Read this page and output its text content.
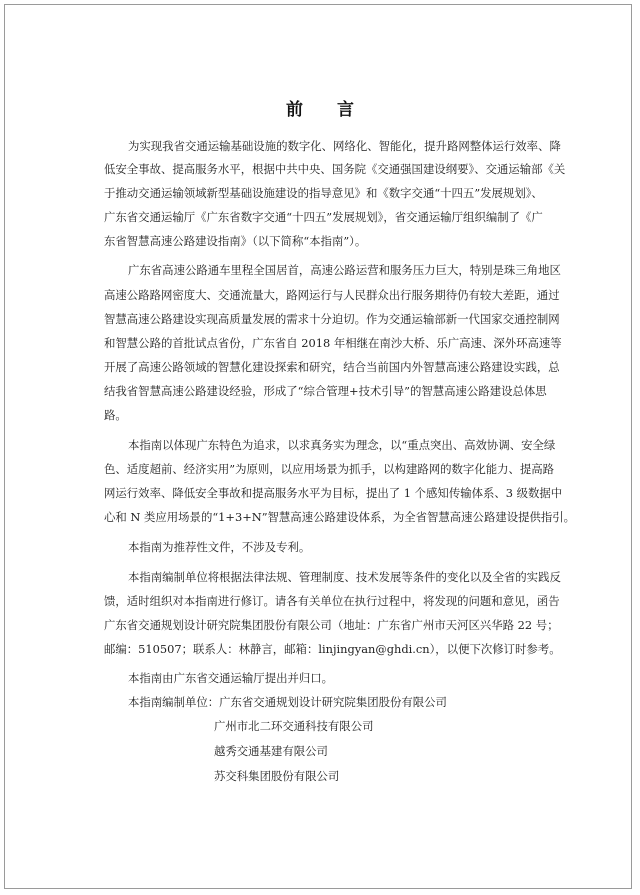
前 言
为实现我省交通运输基础设施的数字化、网络化、智能化，提升路网整体运行效率、降
低安全事故、提高服务水平，根据中共中央、国务院《交通强国建设纲要》、交通运输部《关
于推动交通运输领域新型基础设施建设的指导意见》和《数字交通“十四五”发展规划》、
广东省交通运输厅《广东省数字交通“十四五”发展规划》，省交通运输厅组织编制了《广
东省智慧高速公路建设指南》（以下简称“本指南”）。
广东省高速公路通车里程全国居首，高速公路运营和服务压力巨大，特别是珠三角地区
高速公路路网密度大、交通流量大，路网运行与人民群众出行服务期待仍有较大差距，通过
智慧高速公路建设实现高质量发展的需求十分迫切。作为交通运输部新一代国家交通控制网
和智慧公路的首批试点省份，广东省自 2018 年相继在南沙大桥、乐广高速、深外环高速等
开展了高速公路领域的智慧化建设探索和研究，结合当前国内外智慧高速公路建设实践，总
结我省智慧高速公路建设经验，形成了“综合管理+技术引导”的智慧高速公路建设总体思
路。
本指南以体现广东特色为追求，以求真务实为理念，以“重点突出、高效协调、安全绿
色、适度超前、经济实用”为原则，以应用场景为抓手，以构建路网的数字化能力、提高路
网运行效率、降低安全事故和提高服务水平为目标，提出了 1 个感知传输体系、3 级数据中
心和 N 类应用场景的“1+3+N”智慧高速公路建设体系，为全省智慧高速公路建设提供指引。
本指南为推荐性文件，不涉及专利。
本指南编制单位将根据法律法规、管理制度、技术发展等条件的变化以及全省的实践反
馈，适时组织对本指南进行修订。请各有关单位在执行过程中，将发现的问题和意见，函告
广东省交通规划设计研究院集团股份有限公司（地址：广东省广州市天河区兴华路 22 号；
邮编：510507；联系人：林静言，邮箱：linjingyan@ghdi.cn），以便下次修订时参考。
本指南由广东省交通运输厅提出并归口。
本指南编制单位：广东省交通规划设计研究院集团股份有限公司
广州市北二环交通科技有限公司
越秀交通基建有限公司
苏交科集团股份有限公司
